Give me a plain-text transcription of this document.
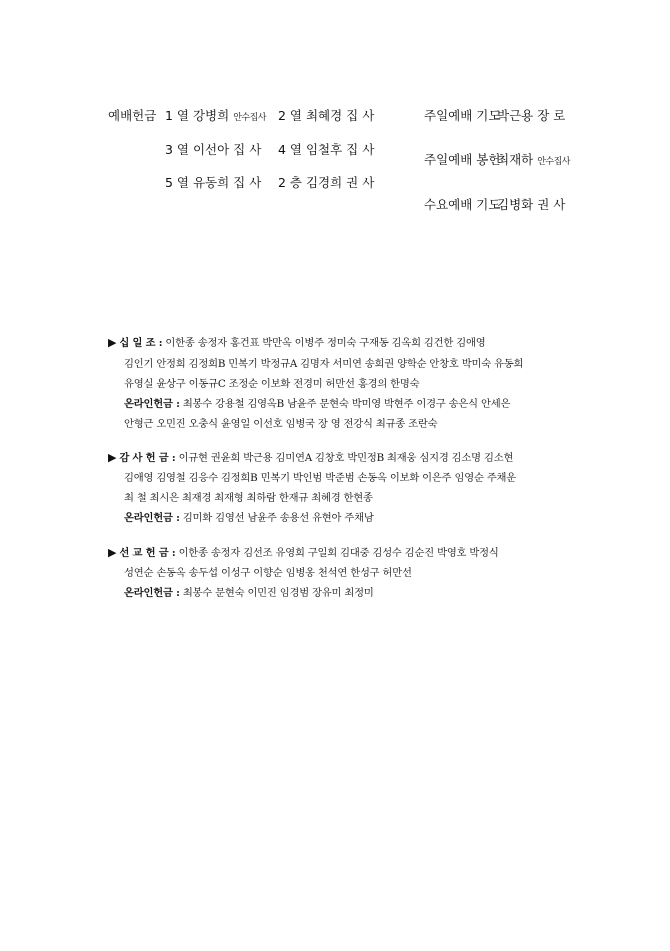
예배헌금 1 열 강병희 안수집사 2 열 최혜경 집 사
3 열 이선아 집 사 4 열 임철후 집 사
5 열 유동희 집 사 2 층 김경희 권 사
주일예배 기도
박근용 장 로
주일예배 봉헌
최재하 안수집사
수요예배 기도
김병화 권 사
▶ 십 일 조 : 이한종 송정자 홍건표 박만옥 이병주 정미숙 구재동 김옥희 김건한 김애영
김인기 안정희 김정희B 민복기 박정규A 김명자 서미연 송희권 양학순 안창호 박미숙 유동희
유영실 윤상구 이동규C 조정순 이보화 전경미 허만선 홍경의 한명숙
온라인헌금 : 최봉수 강용철 김영옥B 남윤주 문현숙 박미영 박현주 이경구 송은식 안세은
안형근 오민진 오충식 윤영일 이선호 임병국 장 영 전강식 최규종 조란숙
▶ 감 사 헌 금 : 이규현 권윤희 박근용 김미연A 김창호 박민정B 최재웅 심지경 김소명 김소현
김애영 김영철 김응수 김정희B 민복기 박인범 박준범 손동옥 이보화 이은주 임영순 주채운
최 철 최시은 최재경 최재형 최하람 한재규 최혜경 한현종
온라인헌금 : 김미화 김영선 남윤주 송용선 유현아 주채남
▶ 선 교 헌 금 : 이한종 송정자 김선조 유영희 구일회 김대중 김성수 김순진 박영호 박정식
성연순 손동옥 송두섭 이성구 이향순 임병옹 천석연 한성구 허만선
온라인헌금 : 최봉수 문현숙 이민진 임경범 장유미 최정미
